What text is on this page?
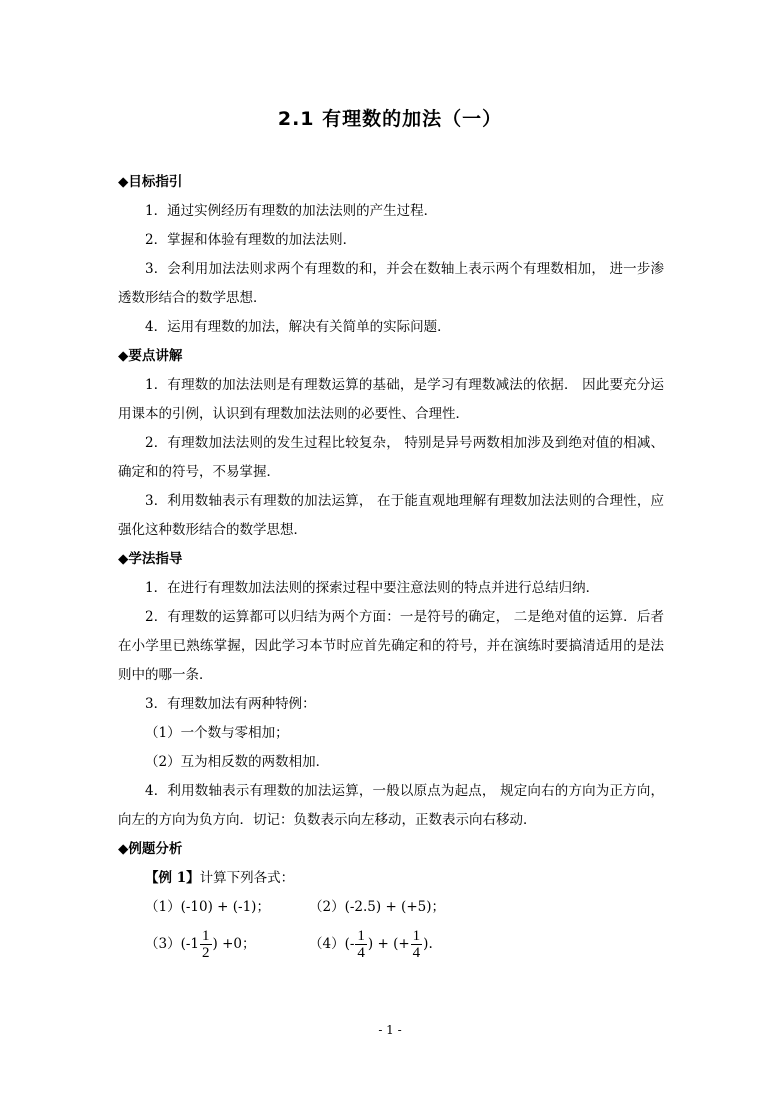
2.1 有理数的加法（一）
◆目标指引
1．通过实例经历有理数的加法法则的产生过程．
2．掌握和体验有理数的加法法则．
3．会利用加法法则求两个有理数的和，并会在数轴上表示两个有理数相加， 进一步渗透数形结合的数学思想．
4．运用有理数的加法，解决有关简单的实际问题．
◆要点讲解
1．有理数的加法法则是有理数运算的基础，是学习有理数减法的依据． 因此要充分运用课本的引例，认识到有理数加法法则的必要性、合理性．
2．有理数加法法则的发生过程比较复杂， 特别是异号两数相加涉及到绝对值的相减、确定和的符号，不易掌握．
3．利用数轴表示有理数的加法运算， 在于能直观地理解有理数加法法则的合理性，应强化这种数形结合的数学思想．
◆学法指导
1．在进行有理数加法法则的探索过程中要注意法则的特点并进行总结归纳．
2．有理数的运算都可以归结为两个方面：一是符号的确定， 二是绝对值的运算．后者在小学里已熟练掌握，因此学习本节时应首先确定和的符号，并在演练时要搞清适用的是法则中的哪一条．
3．有理数加法有两种特例：
（1）一个数与零相加；
（2）互为相反数的两数相加．
4．利用数轴表示有理数的加法运算，一般以原点为起点， 规定向右的方向为正方向，向左的方向为负方向．切记：负数表示向左移动，正数表示向右移动．
◆例题分析
【例 1】计算下列各式：
（1）(-10) + (-1)；	（2）(-2.5) + (+5)；
$(3)(-1 \frac{1}{2}$ ) +0；	$(4)(- \frac{1}{4}$ ) + (+ $\frac{1}{4}$ ).
- 1 -
